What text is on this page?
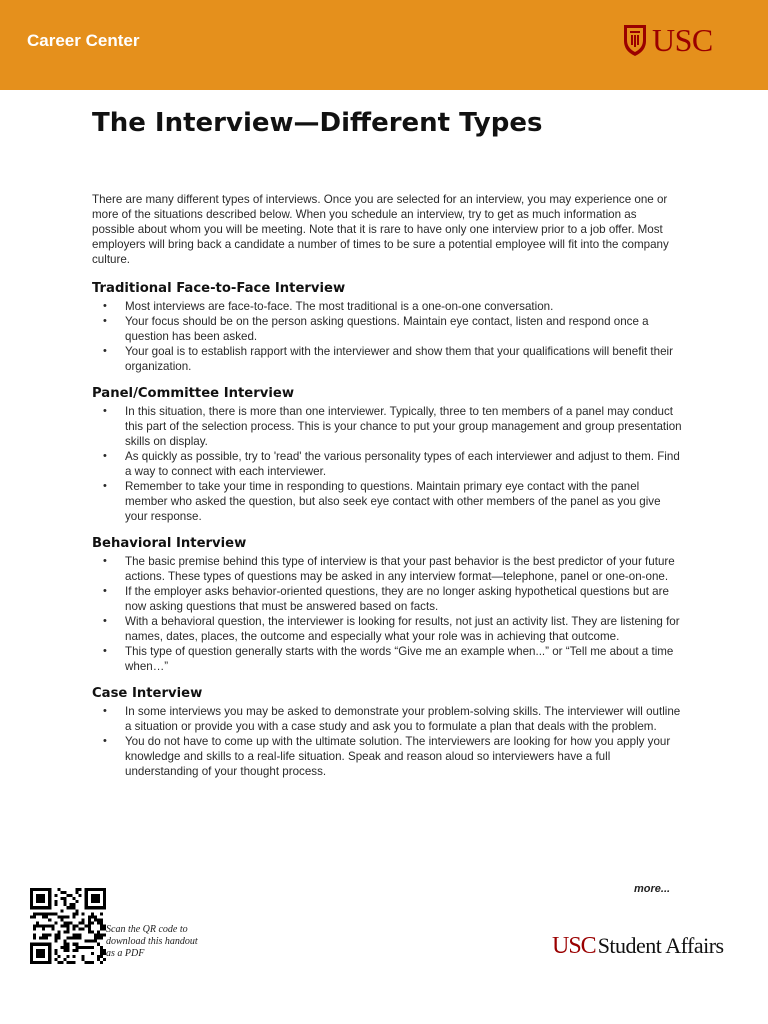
Career Center	USC
The Interview—Different Types

There are many different types of interviews. Once you are selected for an interview, you may experience one or more of the situations described below. When you schedule an interview, try to get as much information as possible about whom you will be meeting. Note that it is rare to have only one interview prior to a job offer. Most employers will bring back a candidate a number of times to be sure a potential employee will fit into the company culture.

Traditional Face-to-Face Interview
• Most interviews are face-to-face. The most traditional is a one-on-one conversation.
• Your focus should be on the person asking questions. Maintain eye contact, listen and respond once a question has been asked.
• Your goal is to establish rapport with the interviewer and show them that your qualifications will benefit their organization.
Panel/Committee Interview
• In this situation, there is more than one interviewer. Typically, three to ten members of a panel may conduct this part of the selection process. This is your chance to put your group management and group presentation skills on display.
• As quickly as possible, try to 'read' the various personality types of each interviewer and adjust to them. Find a way to connect with each interviewer.
• Remember to take your time in responding to questions. Maintain primary eye contact with the panel member who asked the question, but also seek eye contact with other members of the panel as you give your response.
Behavioral Interview
• The basic premise behind this type of interview is that your past behavior is the best predictor of your future actions. These types of questions may be asked in any interview format—telephone, panel or one-on-one.
• If the employer asks behavior-oriented questions, they are no longer asking hypothetical questions but are now asking questions that must be answered based on facts.
• With a behavioral question, the interviewer is looking for results, not just an activity list. They are listening for names, dates, places, the outcome and especially what your role was in achieving that outcome.
• This type of question generally starts with the words “Give me an example when...” or “Tell me about a time when…”
Case Interview
• In some interviews you may be asked to demonstrate your problem-solving skills. The interviewer will outline a situation or provide you with a case study and ask you to formulate a plan that deals with the problem.
• You do not have to come up with the ultimate solution. The interviewers are looking for how you apply your knowledge and skills to a real-life situation. Speak and reason aloud so interviewers have a full understanding of your thought process.
Scan the QR code to download this handout as a PDF
more...
USC Student Affairs
